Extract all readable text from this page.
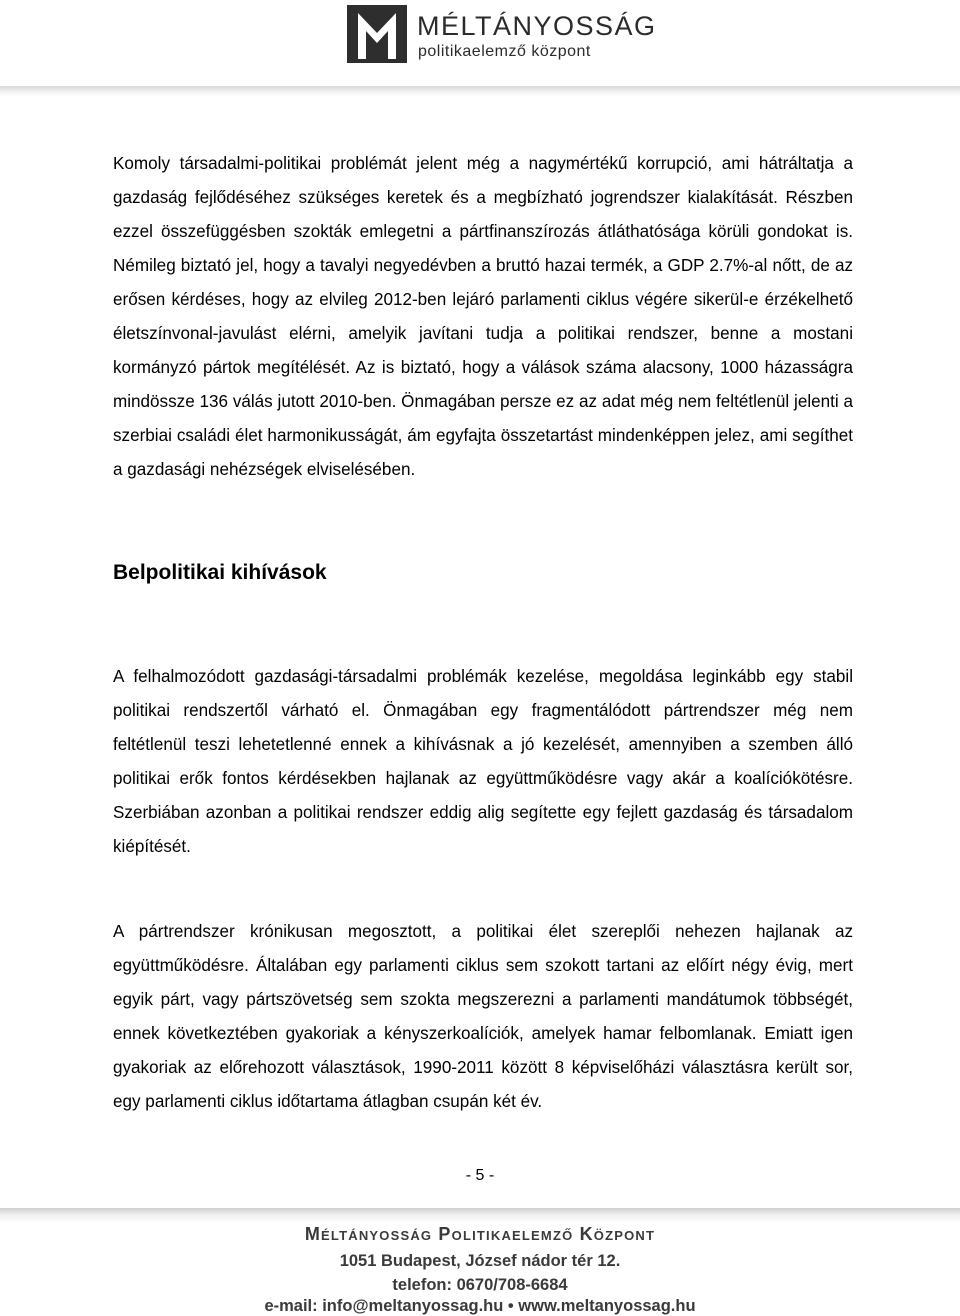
MÉLTÁNYOSSÁG
politikaelemző központ

Komoly társadalmi-politikai problémát jelent még a nagymértékű korrupció, ami hátráltatja a gazdaság fejlődéséhez szükséges keretek és a megbízható jogrendszer kialakítását. Részben ezzel összefüggésben szokták emlegetni a pártfinanszírozás átláthatósága körüli gondokat is. Némileg biztató jel, hogy a tavalyi negyedévben a bruttó hazai termék, a GDP 2.7%-al nőtt, de az erősen kérdéses, hogy az elvileg 2012-ben lejáró parlamenti ciklus végére sikerül-e érzékelhető életszínvonal-javulást elérni, amelyik javítani tudja a politikai rendszer, benne a mostani kormányzó pártok megítélését. Az is biztató, hogy a válások száma alacsony, 1000 házasságra mindössze 136 válás jutott 2010-ben. Önmagában persze ez az adat még nem feltétlenül jelenti a szerbiai családi élet harmonikusságát, ám egyfajta összetartást mindenképpen jelez, ami segíthet a gazdasági nehézségek elviselésében.

Belpolitikai kihívások

A felhalmozódott gazdasági-társadalmi problémák kezelése, megoldása leginkább egy stabil politikai rendszertől várható el. Önmagában egy fragmentálódott pártrendszer még nem feltétlenül teszi lehetetlenné ennek a kihívásnak a jó kezelését, amennyiben a szemben álló politikai erők fontos kérdésekben hajlanak az együttműködésre vagy akár a koalíciókötésre. Szerbiában azonban a politikai rendszer eddig alig segítette egy fejlett gazdaság és társadalom kiépítését.

A pártrendszer krónikusan megosztott, a politikai élet szereplői nehezen hajlanak az együttműködésre. Általában egy parlamenti ciklus sem szokott tartani az előírt négy évig, mert egyik párt, vagy pártszövetség sem szokta megszerezni a parlamenti mandátumok többségét, ennek következtében gyakoriak a kényszerkoalíciók, amelyek hamar felbomlanak. Emiatt igen gyakoriak az előrehozott választások, 1990-2011 között 8 képviselőházi választásra került sor, egy parlamenti ciklus időtartama átlagban csupán két év.

- 5 -
Méltányosság Politikaelemző Központ
1051 Budapest, József nádor tér 12.
telefon: 0670/708-6684
e-mail: info@meltanyossag.hu • www.meltanyossag.hu
